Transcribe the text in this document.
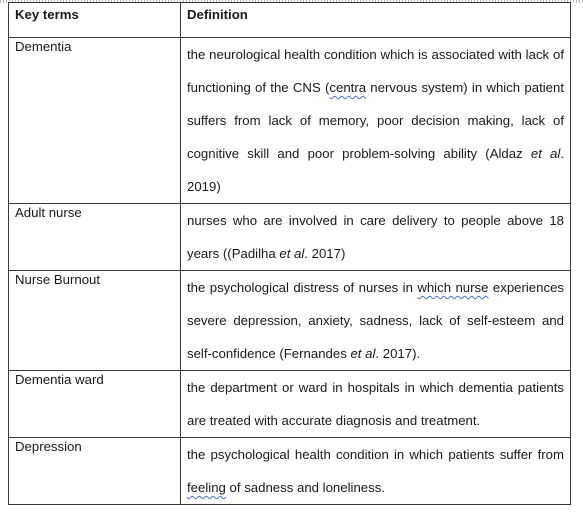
Key terms	Definition
Dementia	the neurological health condition which is associated with lack of functioning of the CNS (centra nervous system) in which patient suffers from lack of memory, poor decision making, lack of cognitive skill and poor problem-solving ability (Aldaz et al. 2019)

Adult nurse	nurses who are involved in care delivery to people above 18 years ((Padilha et al. 2017)

Nurse Burnout	the psychological distress of nurses in which nurse experiences severe depression, anxiety, sadness, lack of self-esteem and self-confidence (Fernandes et al. 2017).

Dementia ward	the department or ward in hospitals in which dementia patients are treated with accurate diagnosis and treatment.

Depression	the psychological health condition in which patients suffer from feeling of sadness and loneliness.
